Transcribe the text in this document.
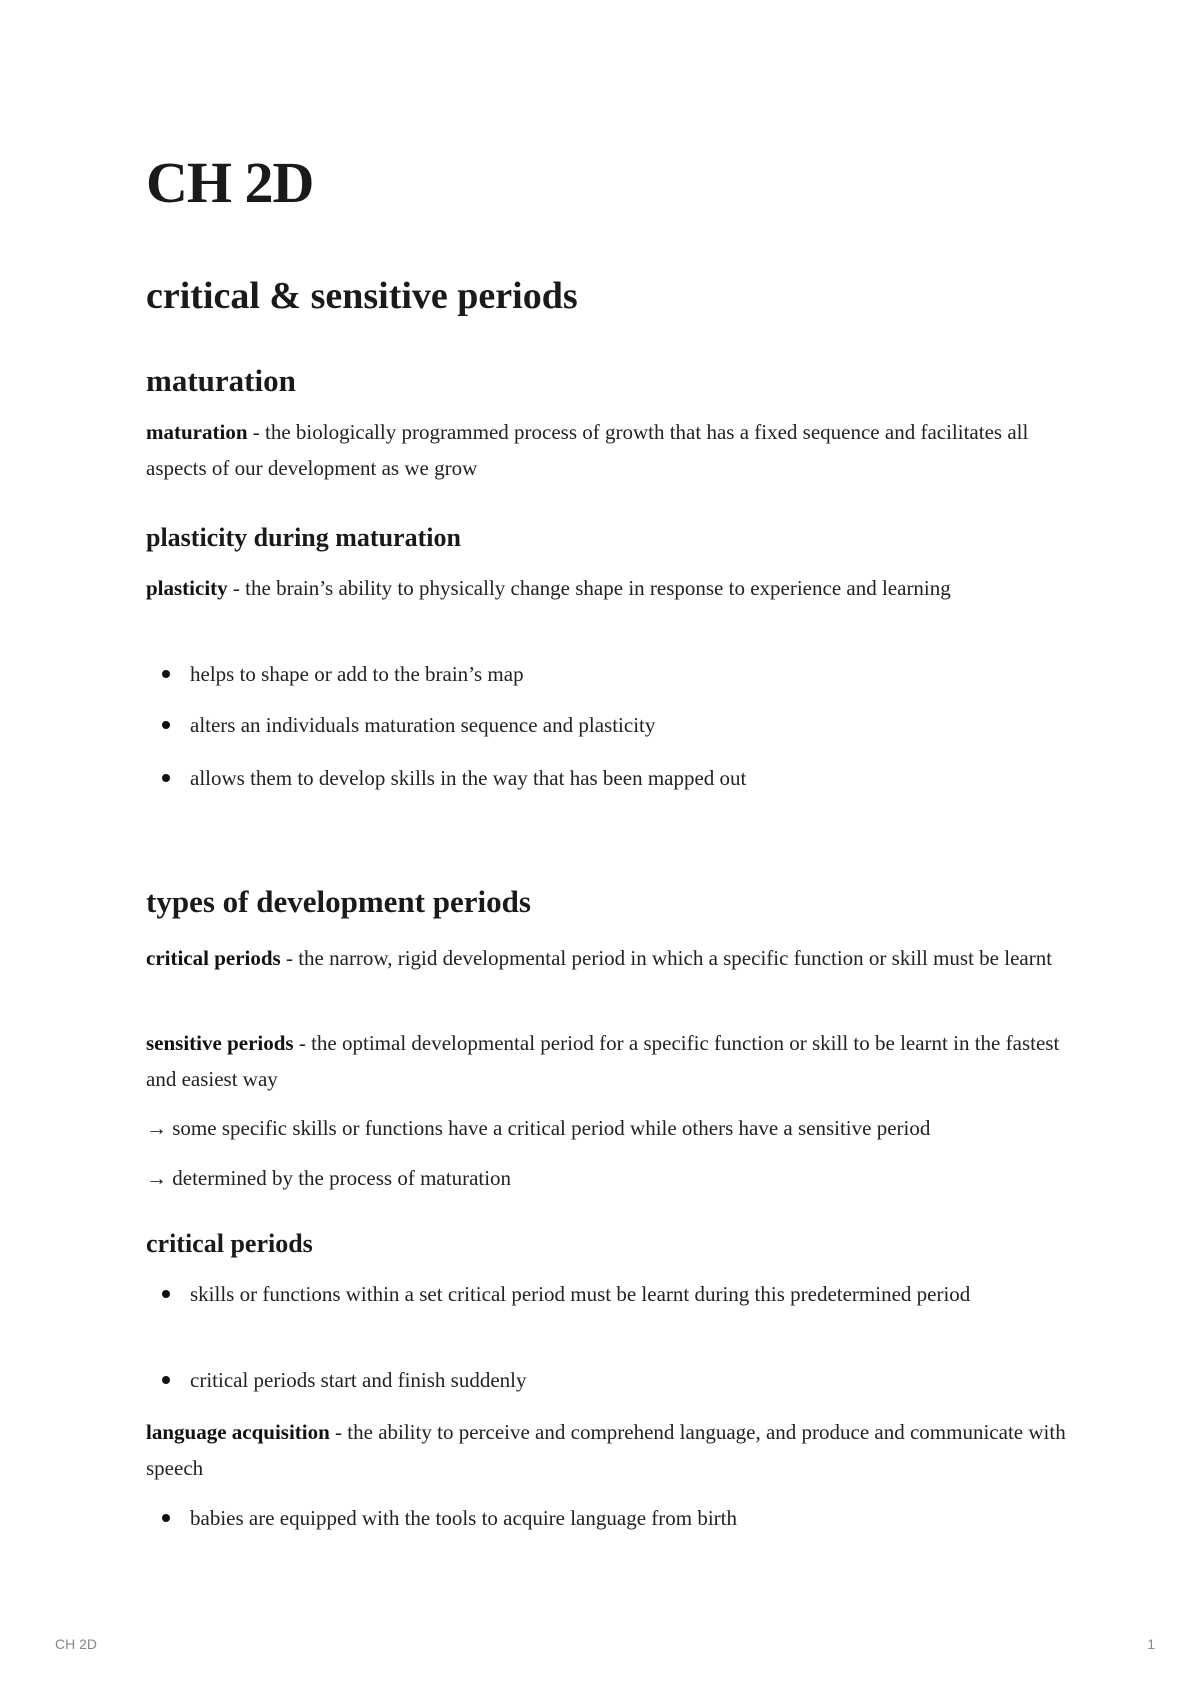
CH 2D
critical & sensitive periods
maturation

maturation - the biologically programmed process of growth that has a fixed sequence and facilitates all aspects of our development as we grow

plasticity during maturation

plasticity - the brain’s ability to physically change shape in response to experience and learning

helps to shape or add to the brain’s map
alters an individuals maturation sequence and plasticity
allows them to develop skills in the way that has been mapped out
types of development periods

critical periods - the narrow, rigid developmental period in which a specific function or skill must be learnt

sensitive periods - the optimal developmental period for a specific function or skill to be learnt in the fastest and easiest way

→ some specific skills or functions have a critical period while others have a sensitive period

→ determined by the process of maturation

critical periods
skills or functions within a set critical period must be learnt during this predetermined period
critical periods start and finish suddenly

language acquisition - the ability to perceive and comprehend language, and produce and communicate with speech

babies are equipped with the tools to acquire language from birth
CH 2D	1
